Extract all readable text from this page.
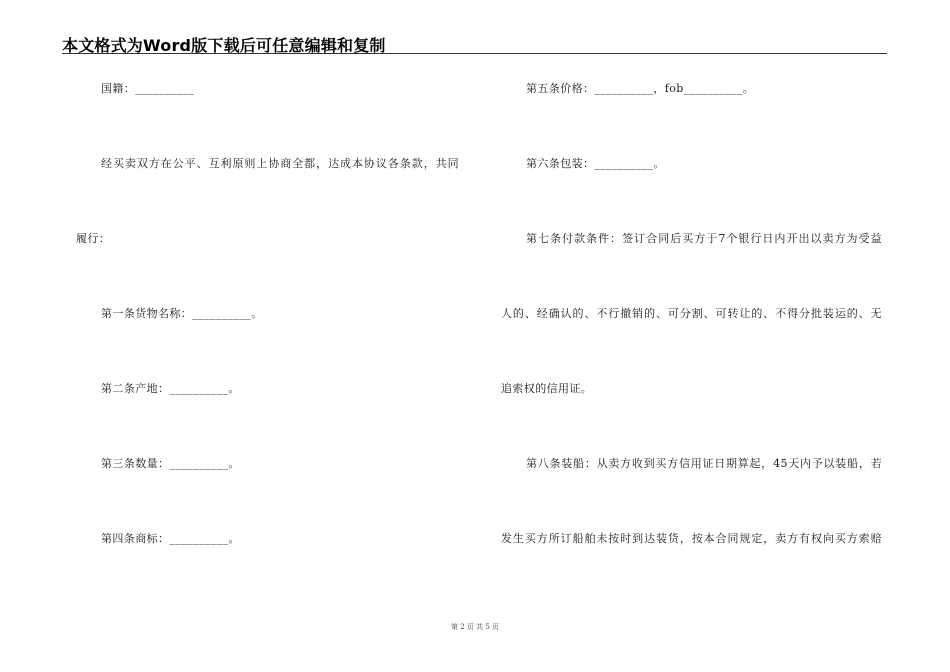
本文格式为Word版下载后可任意编辑和复制
国籍：__________
经买卖双方在公平、互利原则上协商全都，达成本协议各条款，共同
履行：
第一条货物名称：__________。
第二条产地：__________。
第三条数量：__________。
第四条商标：__________。
第五条价格：__________，fob__________。
第六条包装：__________。
第七条付款条件：签订合同后买方于7个银行日内开出以卖方为受益
人的、经确认的、不行撤销的、可分割、可转让的、不得分批装运的、无
追索权的信用证。
第八条装船：从卖方收到买方信用证日期算起，45天内予以装船，若
发生买方所订船舶未按时到达装货，按本合同规定，卖方有权向买方索赔
第 2 页 共 5 页
